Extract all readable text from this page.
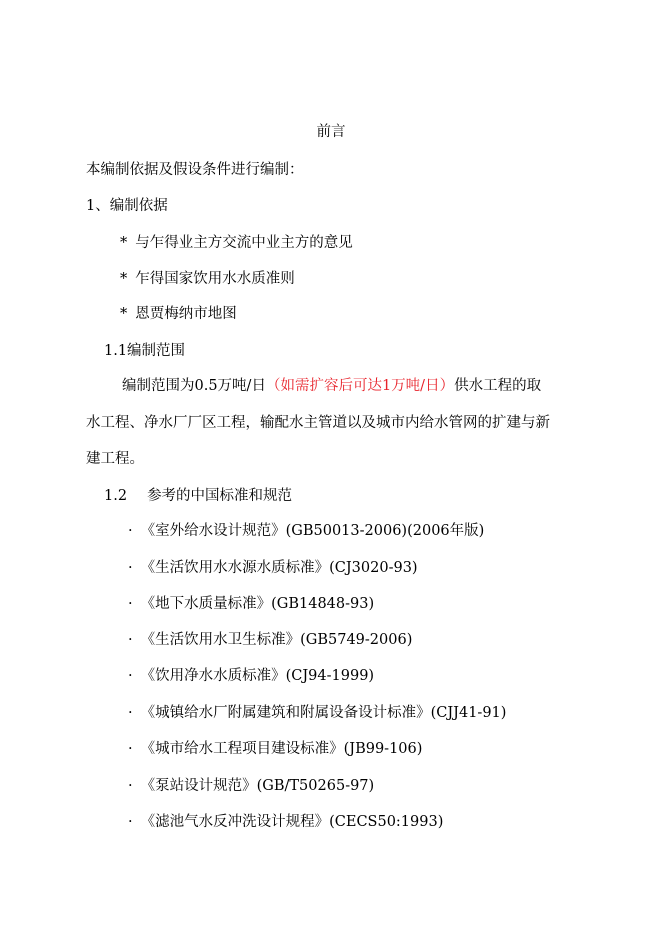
前言
本编制依据及假设条件进行编制：
1、编制依据
* 与乍得业主方交流中业主方的意见
* 乍得国家饮用水水质准则
* 恩贾梅纳市地图
1.1编制范围
编制范围为0.5万吨/日（如需扩容后可达1万吨/日）供水工程的取
水工程、净水厂厂区工程，输配水主管道以及城市内给水管网的扩建与新
建工程。
1.2 参考的中国标准和规范
· 《室外给水设计规范》(GB50013-2006)(2006年版)
· 《生活饮用水水源水质标准》(CJ3020-93)
· 《地下水质量标准》(GB14848-93)
· 《生活饮用水卫生标准》(GB5749-2006)
· 《饮用净水水质标准》(CJ94-1999)
· 《城镇给水厂附属建筑和附属设备设计标准》(CJJ41-91)
· 《城市给水工程项目建设标准》(JB99-106)
· 《泵站设计规范》(GB/T50265-97)
· 《滤池气水反冲洗设计规程》(CECS50:1993)
